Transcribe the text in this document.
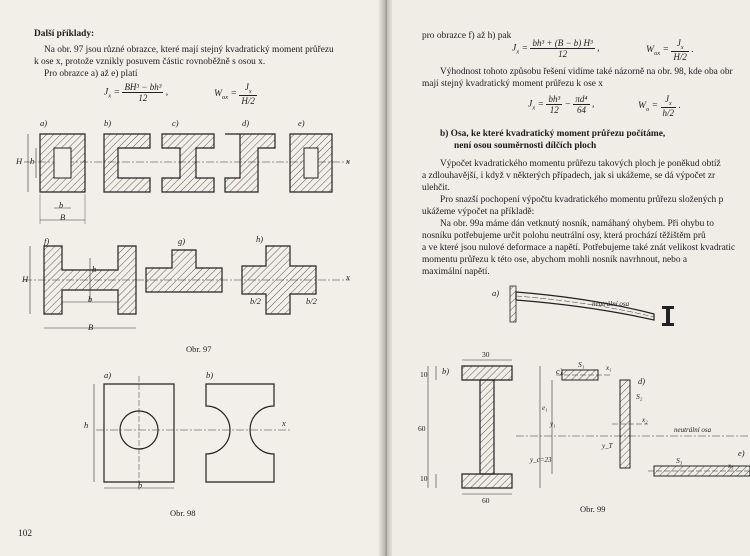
Další příklady:
Na obr. 97 jsou různé obrazce, které mají stejný kvadratický moment průřezu
k ose x, protože vznikly posuvem částic rovnoběžně s osou x.
Pro obrazce a) až e) platí
$J_x = \frac{\text{BH³ − bh³}}{12}$ ,	$W_{ox} = \frac{J_x}{H/2}$
a)	b)	c)	d)	e)
f)	g)	h)
H h
b
B
x
B
b
H
h
b/2	b/2
x
Obr. 97
a)	b)
h
b
x
Obr. 98
102
pro obrazce f) až h) pak
$J_x = \frac{\text{bh³ + (B − b) H³}}{12}$ ,	$W_{ox} = \frac{J_x}{H/2}$ .
Výhodnost tohoto způsobu řešení vidíme také názorně na obr. 98, kde oba obr
mají stejný kvadratický moment průřezu k ose x
$J_x = \frac{\text{bh³}}{12} - \frac{\text{πd⁴}}{64}$ ,	$W_o = \frac{J_x}{h/2}$ .
b) Osa, ke které kvadratický moment průřezu počítáme,
není osou souměrnosti dílčích ploch
Výpočet kvadratického momentu průřezu takových ploch je poněkud obtíž
a zdlouhavější, i když v některých případech, jak si ukážeme, se dá výpočet zr
ulehčit.
Pro snazší pochopení výpočtu kvadratického momentu průřezu složených p
ukážeme výpočet na příkladě:
Na obr. 99a máme dán vetknutý nosník, namáhaný ohybem. Při ohybu to
nosníku potřebujeme určit polohu neutrální osy, která prochází těžištěm prů
a ve které jsou nulové deformace a napětí. Potřebujeme také znát velikost kvadratic
momentu průřezu k této ose, abychom mohli nosník navrhnout, nebo a
maximální napětí.
a)
neutrální osa
b)	c)
d)
e)
30
60
10
10
60
S₁
S₂
S₃
x₁
x₂
x₃
neutrální osa
e₁
y_c=23
y₁
y_T
Obr. 99
